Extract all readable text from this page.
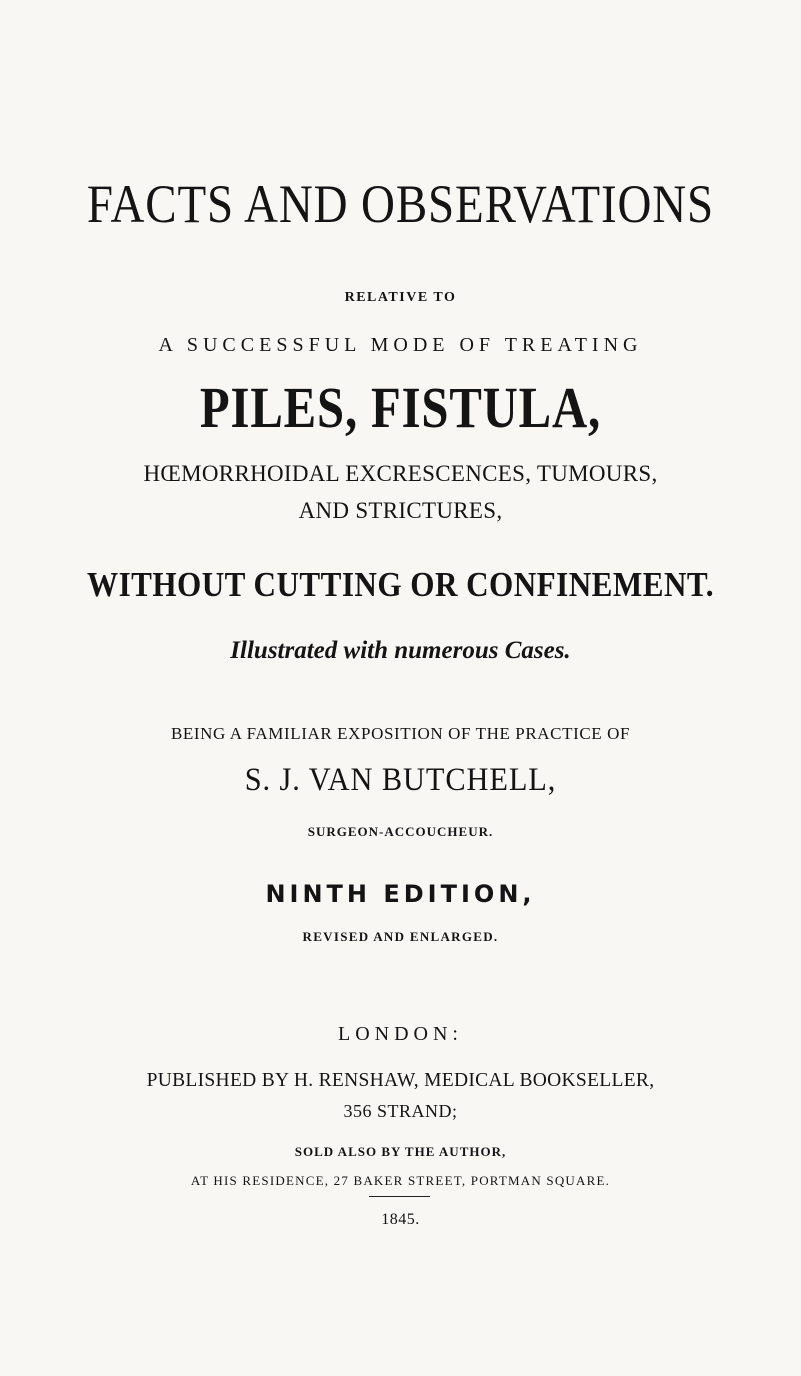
FACTS AND OBSERVATIONS
RELATIVE TO
A SUCCESSFUL MODE OF TREATING
PILES, FISTULA,
HŒMORRHOIDAL EXCRESCENCES, TUMOURS,
AND STRICTURES,
WITHOUT CUTTING OR CONFINEMENT.
Illustrated with numerous Cases.
BEING A FAMILIAR EXPOSITION OF THE PRACTICE OF
S. J. VAN BUTCHELL,
SURGEON-ACCOUCHEUR.
NINTH EDITION,
REVISED AND ENLARGED.
LONDON:
PUBLISHED BY H. RENSHAW, MEDICAL BOOKSELLER,
356 STRAND;
SOLD ALSO BY THE AUTHOR,
AT HIS RESIDENCE, 27 BAKER STREET, PORTMAN SQUARE.
1845.
